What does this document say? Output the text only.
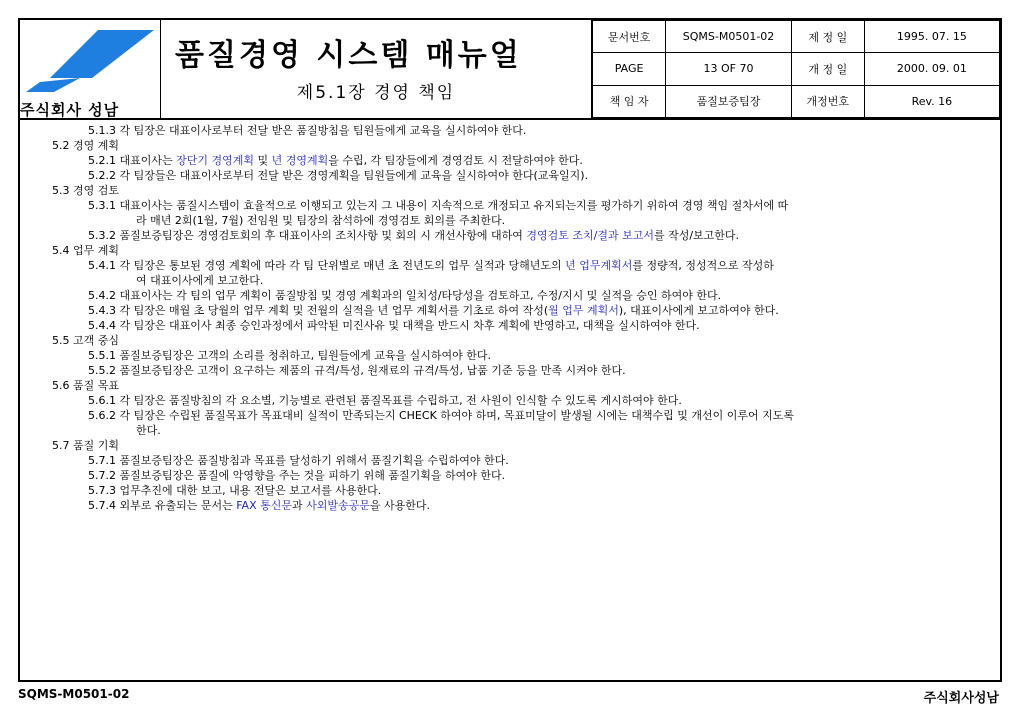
주식회사 성남
품질경영 시스템 매뉴얼
제5.1장 경영 책임
문서번호	SQMS-M0501-02	제 정 일	1995. 07. 15
PAGE	13 OF 70	개 정 일	2000. 09. 01
책 임 자	품질보증팀장	개정번호	Rev. 16
5.1.3 각 팀장은 대표이사로부터 전달 받은 품질방침을 팀원들에게 교육을 실시하여야 한다.
5.2 경영 계획
5.2.1 대표이사는 장단기 경영계획 및 년 경영계획을 수립, 각 팀장들에게 경영검토 시 전달하여야 한다.
5.2.2 각 팀장들은 대표이사로부터 전달 받은 경영계획을 팀원들에게 교육을 실시하여야 한다(교육일지).
5.3 경영 검토
5.3.1 대표이사는 품질시스템이 효율적으로 이행되고 있는지 그 내용이 지속적으로 개정되고 유지되는지를 평가하기 위하여 경영 책임 절차서에 따
라 매년 2회(1월, 7월) 전임원 및 팀장의 참석하에 경영검토 회의를 주최한다.
5.3.2 품질보증팀장은 경영검토회의 후 대표이사의 조치사항 및 회의 시 개선사항에 대하여 경영검토 조치/결과 보고서를 작성/보고한다.
5.4 업무 계획
5.4.1 각 팀장은 통보된 경영 계획에 따라 각 팀 단위별로 매년 초 전년도의 업무 실적과 당해년도의 년 업무계획서를 정량적, 정성적으로 작성하
여 대표이사에게 보고한다.
5.4.2 대표이사는 각 팀의 업무 계획이 품질방침 및 경영 계획과의 일치성/타당성을 검토하고, 수정/지시 및 실적을 승인 하여야 한다.
5.4.3 각 팀장은 매월 초 당월의 업무 계획 및 전월의 실적을 년 업무 계획서를 기초로 하여 작성(월 업무 계획서), 대표이사에게 보고하여야 한다.
5.4.4 각 팀장은 대표이사 최종 승인과정에서 파악된 미진사유 및 대책을 반드시 차후 계획에 반영하고, 대책을 실시하여야 한다.
5.5 고객 중심
5.5.1 품질보증팀장은 고객의 소리를 청취하고, 팀원들에게 교육을 실시하여야 한다.
5.5.2 품질보증팀장은 고객이 요구하는 제품의 규격/특성, 원재료의 규격/특성, 납품 기준 등을 만족 시켜야 한다.
5.6 품질 목표
5.6.1 각 팀장은 품질방침의 각 요소별, 기능별로 관련된 품질목표를 수립하고, 전 사원이 인식할 수 있도록 게시하여야 한다.
5.6.2 각 팀장은 수립된 품질목표가 목표대비 실적이 만족되는지 CHECK 하여야 하며, 목표미달이 발생될 시에는 대책수립 및 개선이 이루어 지도록
한다.
5.7 품질 기획
5.7.1 품질보증팀장은 품질방침과 목표를 달성하기 위해서 품질기획을 수립하여야 한다.
5.7.2 품질보증팀장은 품질에 악영향을 주는 것을 피하기 위해 품질기획을 하여야 한다.
5.7.3 업무추진에 대한 보고, 내용 전달은 보고서를 사용한다.
5.7.4 외부로 유출되는 문서는 FAX 통신문과 사외발송공문을 사용한다.
SQMS-M0501-02	주식회사성남
